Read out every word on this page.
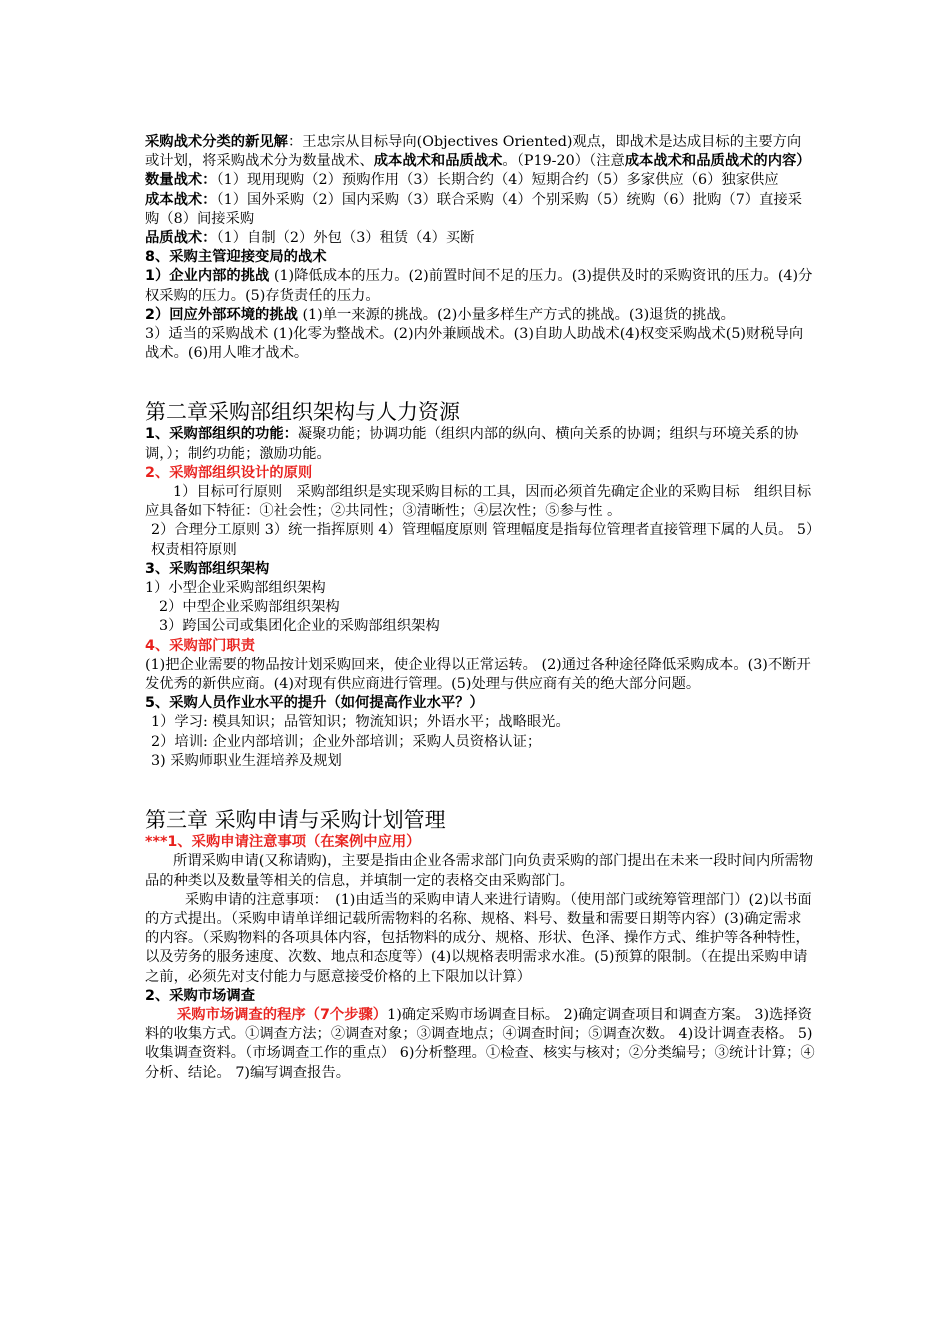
采购战术分类的新见解：王忠宗从目标导向(Objectives Oriented)观点，即战术是达成目标的主要方向或计划，将采购战术分为数量战术、成本战术和品质战术。（P19-20）（注意成本战术和品质战术的内容）

数量战术：（1）现用现购（2）预购作用（3）长期合约（4）短期合约（5）多家供应（6）独家供应

成本战术：（1）国外采购（2）国内采购（3）联合采购（4）个别采购（5）统购（6）批购（7）直接采购（8）间接采购

品质战术：（1）自制（2）外包（3）租赁（4）买断

8、采购主管迎接变局的战术

1）企业内部的挑战 (1)降低成本的压力。(2)前置时间不足的压力。(3)提供及时的采购资讯的压力。(4)分权采购的压力。(5)存货责任的压力。

2）回应外部环境的挑战 (1)单一来源的挑战。(2)小量多样生产方式的挑战。(3)退货的挑战。

3）适当的采购战术 (1)化零为整战术。(2)内外兼顾战术。(3)自助人助战术(4)权变采购战术(5)财税导向战术。(6)用人唯才战术。

第二章采购部组织架构与人力资源

1、采购部组织的功能：凝聚功能；协调功能（组织内部的纵向、横向关系的协调；组织与环境关系的协调，）；制约功能；激励功能。

2、采购部组织设计的原则

1）目标可行原则　采购部组织是实现采购目标的工具，因而必须首先确定企业的采购目标　组织目标应具备如下特征：①社会性；②共同性；③清晰性；④层次性；⑤参与性 。

2）合理分工原则 3）统一指挥原则 4）管理幅度原则 管理幅度是指每位管理者直接管理下属的人员。 5）权责相符原则

3、采购部组织架构

1）小型企业采购部组织架构

2）中型企业采购部组织架构

3）跨国公司或集团化企业的采购部组织架构

4、采购部门职责

(1)把企业需要的物品按计划采购回来，使企业得以正常运转。 (2)通过各种途径降低采购成本。(3)不断开发优秀的新供应商。(4)对现有供应商进行管理。(5)处理与供应商有关的绝大部分问题。

5、采购人员作业水平的提升（如何提高作业水平？）

1）学习: 模具知识；品管知识；物流知识；外语水平；战略眼光。

2）培训: 企业内部培训；企业外部培训；采购人员资格认证；

3) 采购师职业生涯培养及规划

第三章 采购申请与采购计划管理

***1、采购申请注意事项（在案例中应用）

所谓采购申请(又称请购)，主要是指由企业各需求部门向负责采购的部门提出在未来一段时间内所需物品的种类以及数量等相关的信息，并填制一定的表格交由采购部门。

采购申请的注意事项：　(1)由适当的采购申请人来进行请购。（使用部门或统筹管理部门）(2)以书面的方式提出。（采购申请单详细记载所需物料的名称、规格、料号、数量和需要日期等内容）(3)确定需求的内容。（采购物料的各项具体内容，包括物料的成分、规格、形状、色泽、操作方式、维护等各种特性，以及劳务的服务速度、次数、地点和态度等）(4)以规格表明需求水准。(5)预算的限制。（在提出采购申请之前，必须先对支付能力与愿意接受价格的上下限加以计算）

2、采购市场调查

采购市场调查的程序（7个步骤）1)确定采购市场调查目标。 2)确定调查项目和调查方案。 3)选择资料的收集方式。①调查方法；②调查对象；③调查地点；④调查时间；⑤调查次数。 4)设计调查表格。 5)收集调查资料。（市场调查工作的重点） 6)分析整理。①检查、核实与核对；②分类编号；③统计计算；④分析、结论。 7)编写调查报告。
